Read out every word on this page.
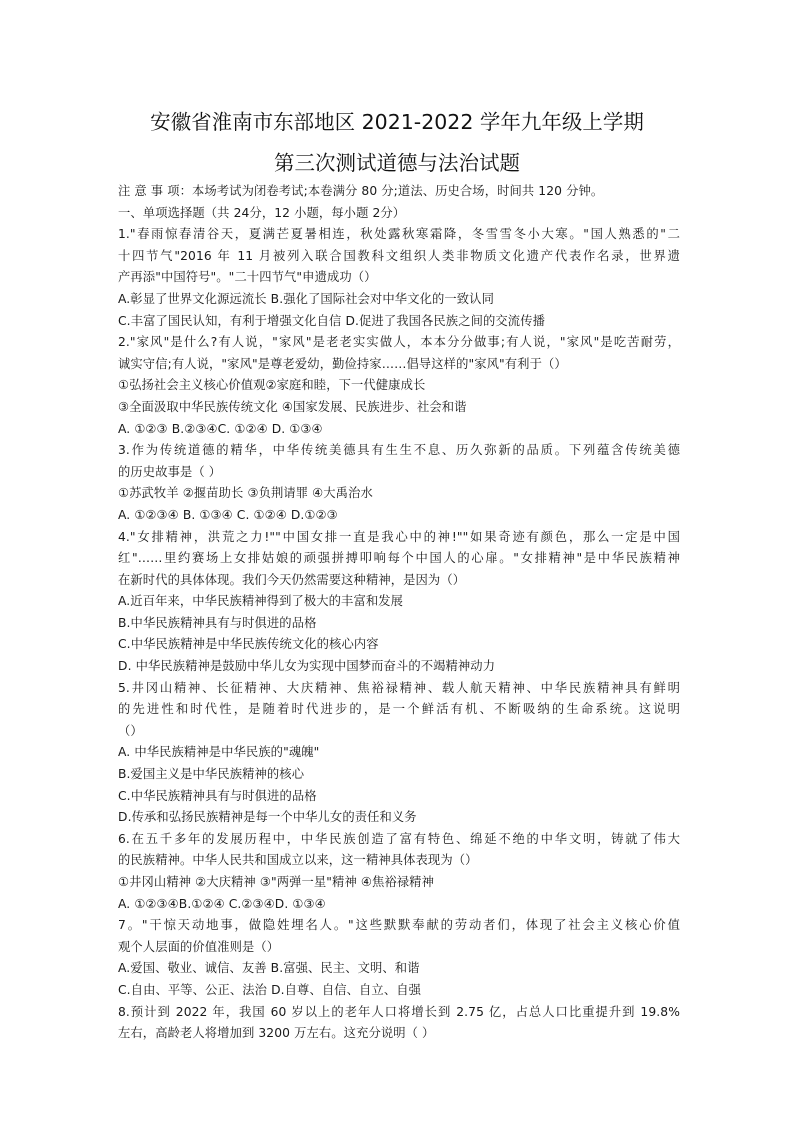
安徽省淮南市东部地区 2021-2022 学年九年级上学期
第三次测试道德与法治试题
注 意 事 项：本场考试为闭卷考试;本卷满分 80 分;道法、历史合场，时间共 120 分钟。
一、单项选择题（共 24分，12 小题，每小题 2分）
1."春雨惊春清谷天，夏满芒夏暑相连，秋处露秋寒霜降，冬雪雪冬小大寒。"国人熟悉的"二
十四节气"2016 年 11 月被列入联合国教科文组织人类非物质文化遗产代表作名录，世界遗
产再添"中国符号"。"二十四节气"申遗成功（）
A.彰显了世界文化源远流长 B.强化了国际社会对中华文化的一致认同
C.丰富了国民认知，有利于增强文化自信 D.促进了我国各民族之间的交流传播
2."家风"是什么?有人说，"家风"是老老实实做人，本本分分做事;有人说，"家风"是吃苦耐劳，
诚实守信;有人说，"家风"是尊老爱幼，勤俭持家……倡导这样的"家风"有利于（）
①弘扬社会主义核心价值观②家庭和睦，下一代健康成长
③全面汲取中华民族传统文化 ④国家发展、民族进步、社会和谐
A. ①②③ B.②③④C. ①②④ D. ①③④
3.作为传统道德的精华，中华传统美德具有生生不息、历久弥新的品质。下列蕴含传统美德
的历史故事是（ ）
①苏武牧羊 ②揠苗助长 ③负荆请罪 ④大禹治水
A. ①②③④ B. ①③④ C. ①②④ D.①②③
4."女排精神，洪荒之力!""中国女排一直是我心中的神!""如果奇迹有颜色，那么一定是中国
红"……里约赛场上女排姑娘的顽强拼搏叩响每个中国人的心扉。"女排精神"是中华民族精神
在新时代的具体体现。我们今天仍然需要这种精神，是因为（）
A.近百年来，中华民族精神得到了极大的丰富和发展
B.中华民族精神具有与时俱进的品格
C.中华民族精神是中华民族传统文化的核心内容
D. 中华民族精神是鼓励中华儿女为实现中国梦而奋斗的不竭精神动力
5.井冈山精神、长征精神、大庆精神、焦裕禄精神、载人航天精神、中华民族精神具有鲜明
的先进性和时代性，是随着时代进步的，是一个鲜活有机、不断吸纳的生命系统。这说明
（）
A. 中华民族精神是中华民族的"魂魄"
B.爱国主义是中华民族精神的核心
C.中华民族精神具有与时俱进的品格
D.传承和弘扬民族精神是每一个中华儿女的责任和义务
6.在五千多年的发展历程中，中华民族创造了富有特色、绵延不绝的中华文明，铸就了伟大
的民族精神。中华人民共和国成立以来，这一精神具体表现为（）
①井冈山精神 ②大庆精神 ③"两弹一星"精神 ④焦裕禄精神
A. ①②③④B.①②④ C.②③④D. ①③④
7。"干惊天动地事，做隐姓埋名人。"这些默默奉献的劳动者们，体现了社会主义核心价值
观个人层面的价值准则是（）
A.爱国、敬业、诚信、友善 B.富强、民主、文明、和谐
C.自由、平等、公正、法治 D.自尊、自信、自立、自强
8.预计到 2022 年，我国 60 岁以上的老年人口将增长到 2.75 亿，占总人口比重提升到 19.8%
左右，高龄老人将增加到 3200 万左右。这充分说明（ ）
